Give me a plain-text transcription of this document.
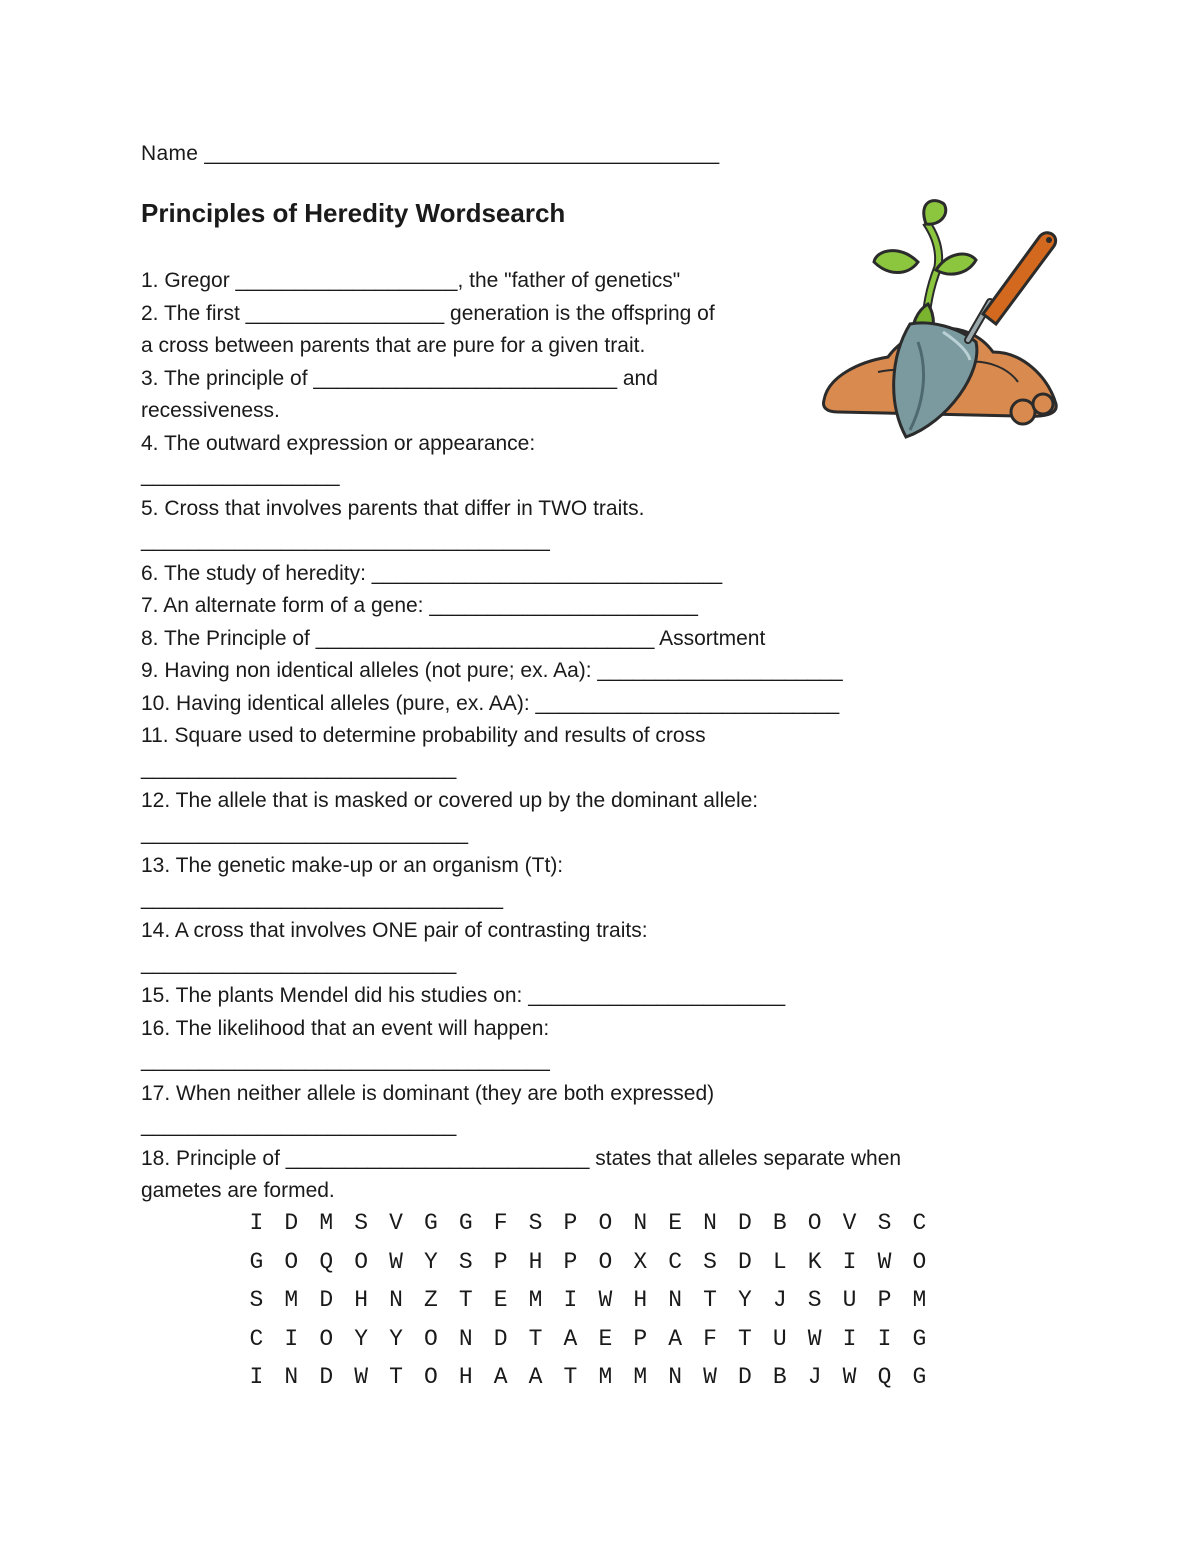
Name ___________________________________________
Principles of Heredity Wordsearch
1. Gregor ___________________, the "father of genetics"
2. The first _________________ generation is the offspring of
a cross between parents that are pure for a given trait.
3. The principle of __________________________ and
recessiveness.
4. The outward expression or appearance:
_________________
5. Cross that involves parents that differ in TWO traits.
___________________________________
6. The study of heredity: ______________________________
7. An alternate form of a gene: _______________________
8. The Principle of _____________________________ Assortment
9. Having non identical alleles (not pure; ex. Aa): _____________________
10. Having identical alleles (pure, ex. AA): __________________________
11. Square used to determine probability and results of cross
___________________________
12. The allele that is masked or covered up by the dominant allele:
____________________________
13. The genetic make-up or an organism (Tt):
_______________________________
14. A cross that involves ONE pair of contrasting traits:
___________________________
15. The plants Mendel did his studies on: ______________________
16. The likelihood that an event will happen:
___________________________________
17. When neither allele is dominant (they are both expressed)
___________________________
18. Principle of __________________________ states that alleles separate when
gametes are formed.
I D M S V G G F S P O N E N D B O V S C
G O Q O W Y S P H P O X C S D L K I W O
S M D H N Z T E M I W H N T Y J S U P M
C I O Y Y O N D T A E P A F T U W I I G
I N D W T O H A A T M M N W D B J W Q G
